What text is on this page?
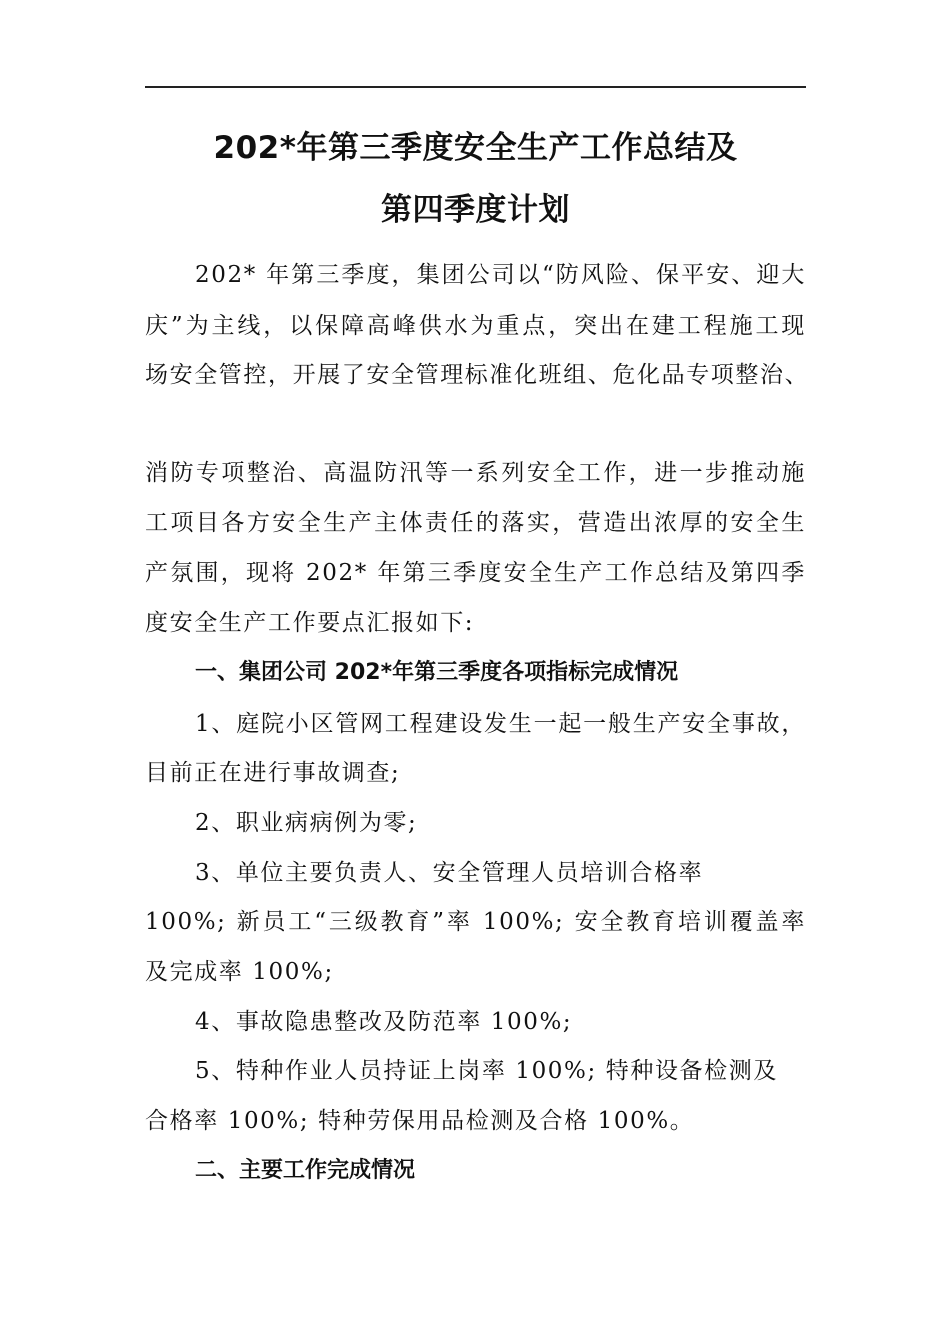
202*年第三季度安全生产工作总结及
第四季度计划
202* 年第三季度，集团公司以“防风险、保平安、迎大
庆”为主线，以保障高峰供水为重点，突出在建工程施工现
场安全管控，开展了安全管理标准化班组、危化品专项整治、
消防专项整治、高温防汛等一系列安全工作，进一步推动施
工项目各方安全生产主体责任的落实，营造出浓厚的安全生
产氛围，现将 202* 年第三季度安全生产工作总结及第四季
度安全生产工作要点汇报如下:
一、集团公司 202*年第三季度各项指标完成情况
1、庭院小区管网工程建设发生一起一般生产安全事故，
目前正在进行事故调查;
2、职业病病例为零;
3、单位主要负责人、安全管理人员培训合格率
100%; 新员工“三级教育”率 100%; 安全教育培训覆盖率
及完成率 100%;
4、事故隐患整改及防范率 100%;
5、特种作业人员持证上岗率 100%; 特种设备检测及
合格率 100%; 特种劳保用品检测及合格 100%。
二、主要工作完成情况
